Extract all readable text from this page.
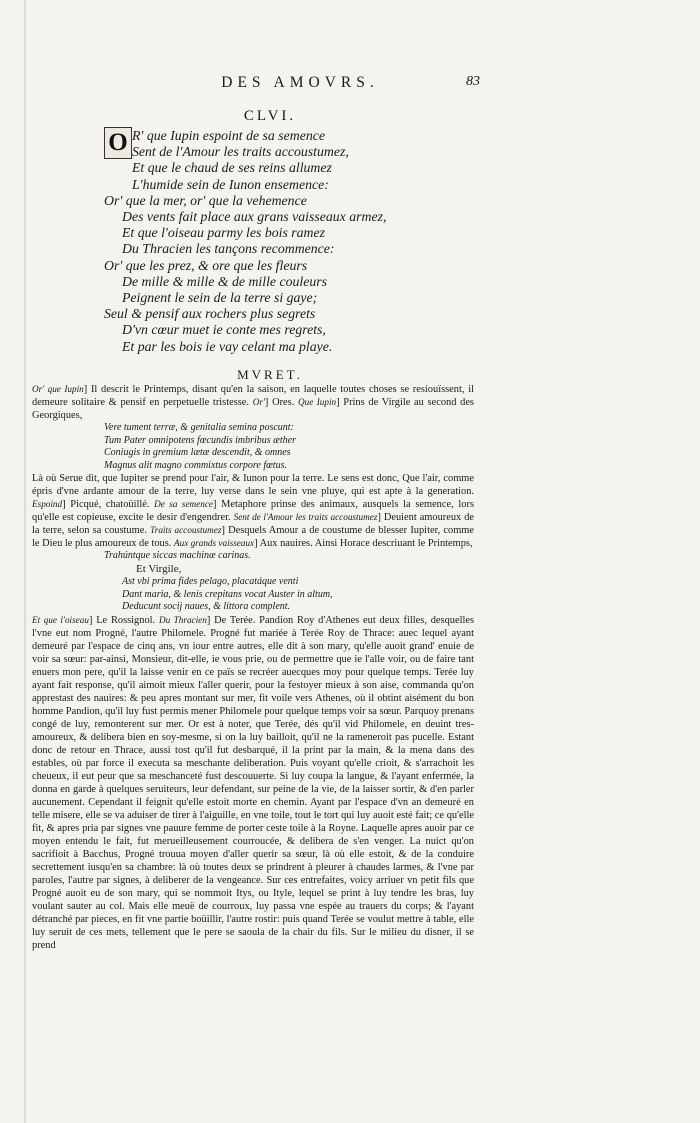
DES AMOVRS.	83
CLVI.
O R' que Iupin espoint de sa semence
Sent de l'Amour les traits accoustumez,
Et que le chaud de ses reins allumez
L'humide sein de Iunon ensemence:
Or' que la mer, or' que la vehemence
Des vents fait place aux grans vaisseaux armez,
Et que l'oiseau parmy les bois ramez
Du Thracien les tançons recommence:
Or' que les prez, & ore que les fleurs
De mille & mille & de mille couleurs
Peignent le sein de la terre si gaye;
Seul & pensif aux rochers plus segrets
D'vn cœur muet ie conte mes regrets,
Et par les bois ie vay celant ma playe.
MVRET.

Or' que Iupin] Il descrit le Printemps, disant qu'en la saison, en laquelle toutes choses se resiouïssent, il demeure solitaire & pensif en perpetuelle tristesse. Or'] Ores. Que Iupin] Prins de Virgile au second des Georgiques,

Vere tument terræ, & genitalia semina poscunt:
Tum Pater omnipotens fœcundis imbribus æther
Coniugis in gremium lætæ descendit, & omnes
Magnus alit magno commixtus corpore fœtus.

Là où Serue dit, que Iupiter se prend pour l'air, & Iunon pour la terre. Le sens est donc, Que l'air, comme épris d'vne ardante amour de la terre, luy verse dans le sein vne pluye, qui est apte à la generation. Espoind] Picqué, chatoüillé. De sa semence] Metaphore prinse des animaux, ausquels la semence, lors qu'elle est copieuse, excite le desir d'engendrer. Sent de l'Amour les traits accoustumez] Deuient amoureux de la terre, selon sa coustume. Traits accoustumez] Desquels Amour a de coustume de blesser Iupiter, comme le Dieu le plus amoureux de tous. Aux grands vaisseaux] Aux nauires. Ainsi Horace descriuant le Printemps,

Trahúntque siccas machinæ carinas.
Et Virgile,
Ast vbi prima fides pelago, placatáque venti
Dant maria, & lenis crepitans vocat Auster in altum,
Deducunt socij naues, & littora complent.

Et que l'oiseau] Le Rossignol. Du Thracien] De Terée. Pandion Roy d'Athenes eut deux filles, desquelles l'vne eut nom Progné, l'autre Philomele. Progné fut mariée à Terée Roy de Thrace: auec lequel ayant demeuré par l'espace de cinq ans, vn iour entre autres, elle dit à son mary, qu'elle auoit grand' enuie de voir sa sœur: par-ainsi, Monsieur, dit-elle, ie vous prie, ou de permettre que ie l'alle voir, ou de faire tant enuers mon pere, qu'il la laisse venir en ce païs se recréer auecques moy pour quelque temps. Terée luy ayant fait response, qu'il aimoit mieux l'aller querir, pour la festoyer mieux à son aise, commanda qu'on apprestast des nauires: & peu apres montant sur mer, fit voile vers Athenes, où il obtint aisément du bon homme Pandion, qu'il luy fust permis mener Philomele pour quelque temps voir sa sœur. Parquoy prenans congé de luy, remonterent sur mer. Or est à noter, que Terée, dés qu'il vid Philomele, en deuint tres-amoureux, & delibera bien en soy-mesme, si on la luy bailloit, qu'il ne la rameneroit pas pucelle. Estant donc de retour en Thrace, aussi tost qu'il fut desbarqué, il la print par la main, & la mena dans des estables, où par force il executa sa meschante deliberation. Puis voyant qu'elle crioit, & s'arrachoit les cheueux, il eut peur que sa meschanceté fust descouuerte. Si luy coupa la langue, & l'ayant enfermée, la donna en garde à quelques seruiteurs, leur defendant, sur peine de la vie, de la laisser sortir, & d'en parler aucunement. Cependant il feignit qu'elle estoit morte en chemin. Ayant par l'espace d'vn an demeuré en telle misere, elle se va aduiser de tirer à l'aiguille, en vne toile, tout le tort qui luy auoit esté fait; ce qu'elle fit, & apres pria par signes vne pauure femme de porter ceste toile à la Royne. Laquelle apres auoir par ce moyen entendu le fait, fut merueilleusement courroucée, & delibera de s'en venger. La nuict qu'on sacrifioit à Bacchus, Progné trouua moyen d'aller querir sa sœur, là où elle estoit, & de la conduire secrettement iusqu'en sa chambre: là où toutes deux se prindrent à pleurer à chaudes larmes, & l'vne par paroles, l'autre par signes, à deliberer de la vengeance. Sur ces entrefaites, voicy arriuer vn petit fils que Progné auoit eu de son mary, qui se nommoit Itys, ou Ityle, lequel se print à luy tendre les bras, luy voulant sauter au col. Mais elle meuë de courroux, luy passa vne espée au trauers du corps; & l'ayant détranché par pieces, en fit vne partie boüillir, l'autre rostir: puis quand Terée se voulut mettre à table, elle luy seruit de ces mets, tellement que le pere se saoula de la chair du fils. Sur le milieu du disner, il se prend
